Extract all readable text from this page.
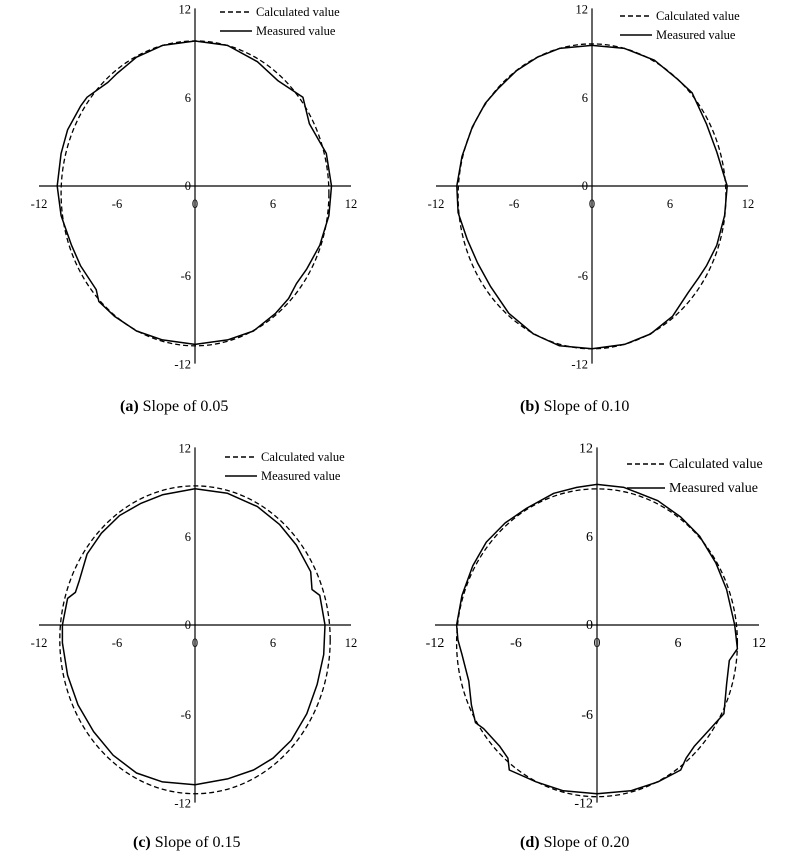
-12	-6	0	6	12
12
6
-6
-12
0
Calculated value
Measured value
(a) Slope of 0.05
-12	-6	0	6	12
12
6
-6
-12
0
Calculated value
Measured value
(b) Slope of 0.10
-12	-6	0	6	12
12
6
-6
-12
0
Calculated value
Measured value
(c) Slope of 0.15
-12	-6	0	6	12
12
6
-6
-12
0
Calculated value
Measured value
(d) Slope of 0.20
